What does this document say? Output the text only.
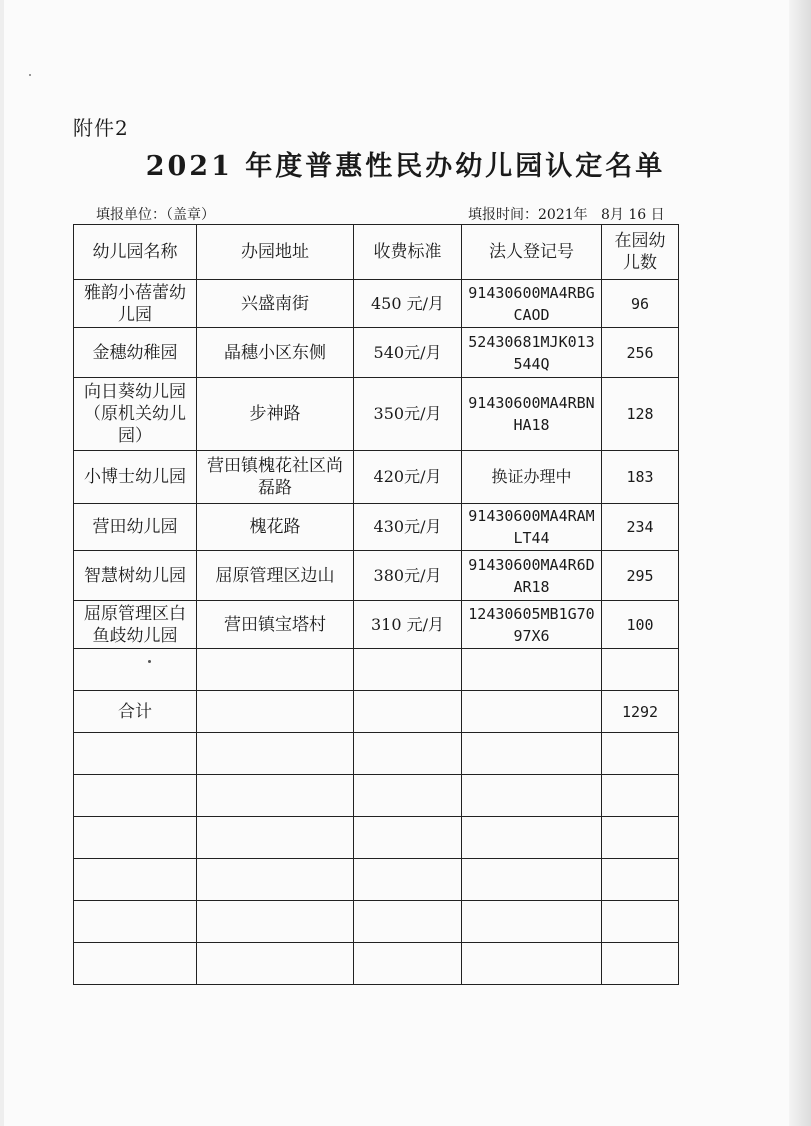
附件2
2021 年度普惠性民办幼儿园认定名单
填报单位：（盖章）	填报时间：2021年   8月 16 日
幼儿园名称	办园地址	收费标准	法人登记号	在园幼儿数
雅韵小蓓蕾幼儿园	兴盛南街	450 元/月	91430600MA4RBGCAOD	96
金穗幼稚园	晶穗小区东侧	540元/月	52430681MJK013544Q	256
向日葵幼儿园（原机关幼儿园）	步神路	350元/月	91430600MA4RBNHA18	128
小博士幼儿园	营田镇槐花社区尚磊路	420元/月	换证办理中	183
营田幼儿园	槐花路	430元/月	91430600MA4RAMLT44	234
智慧树幼儿园	屈原管理区边山	380元/月	91430600MA4R6DAR18	295
屈原管理区白鱼歧幼儿园	营田镇宝塔村	310 元/月	12430605MB1G7097X6	100

合计				1292
